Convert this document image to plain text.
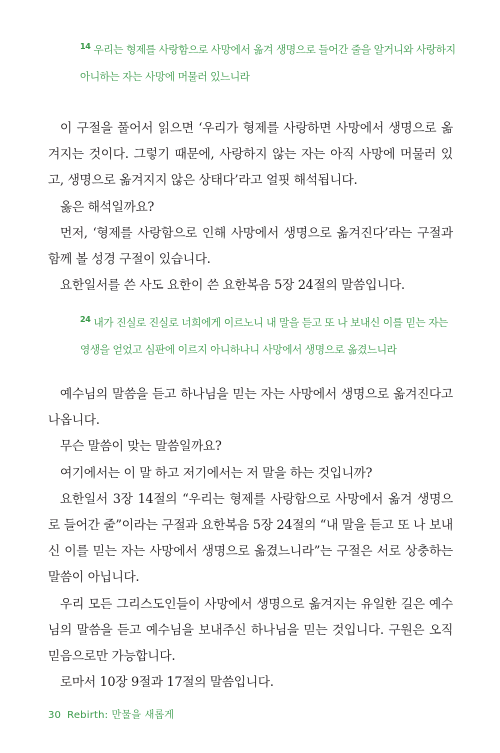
$^{14}$ 우리는 형제를 사랑함으로 사망에서 옮겨 생명으로 들어간 줄을 알거니와 사랑하지 아니하는 자는 사망에 머물러 있느니라

이 구절을 풀어서 읽으면 ‘우리가 형제를 사랑하면 사망에서 생명으로 옮겨지는 것이다. 그렇기 때문에, 사랑하지 않는 자는 아직 사망에 머물러 있고, 생명으로 옮겨지지 않은 상태다’라고 얼핏 해석됩니다.

옳은 해석일까요?

먼저, ‘형제를 사랑함으로 인해 사망에서 생명으로 옮겨진다’라는 구절과 함께 볼 성경 구절이 있습니다.

요한일서를 쓴 사도 요한이 쓴 요한복음 5장 24절의 말씀입니다.

$^{24}$ 내가 진실로 진실로 너희에게 이르노니 내 말을 듣고 또 나 보내신 이를 믿는 자는 영생을 얻었고 심판에 이르지 아니하나니 사망에서 생명으로 옮겼느니라

예수님의 말씀을 듣고 하나님을 믿는 자는 사망에서 생명으로 옮겨진다고 나옵니다.

무슨 말씀이 맞는 말씀일까요?

여기에서는 이 말 하고 저기에서는 저 말을 하는 것입니까?

요한일서 3장 14절의 “우리는 형제를 사랑함으로 사망에서 옮겨 생명으로 들어간 줄”이라는 구절과 요한복음 5장 24절의 “내 말을 듣고 또 나 보내신 이를 믿는 자는 사망에서 생명으로 옮겼느니라”는 구절은 서로 상충하는 말씀이 아닙니다.

우리 모든 그리스도인들이 사망에서 생명으로 옮겨지는 유일한 길은 예수님의 말씀을 듣고 예수님을 보내주신 하나님을 믿는 것입니다. 구원은 오직 믿음으로만 가능합니다.

로마서 10장 9절과 17절의 말씀입니다.

30 Rebirth: 만물을 새롭게
